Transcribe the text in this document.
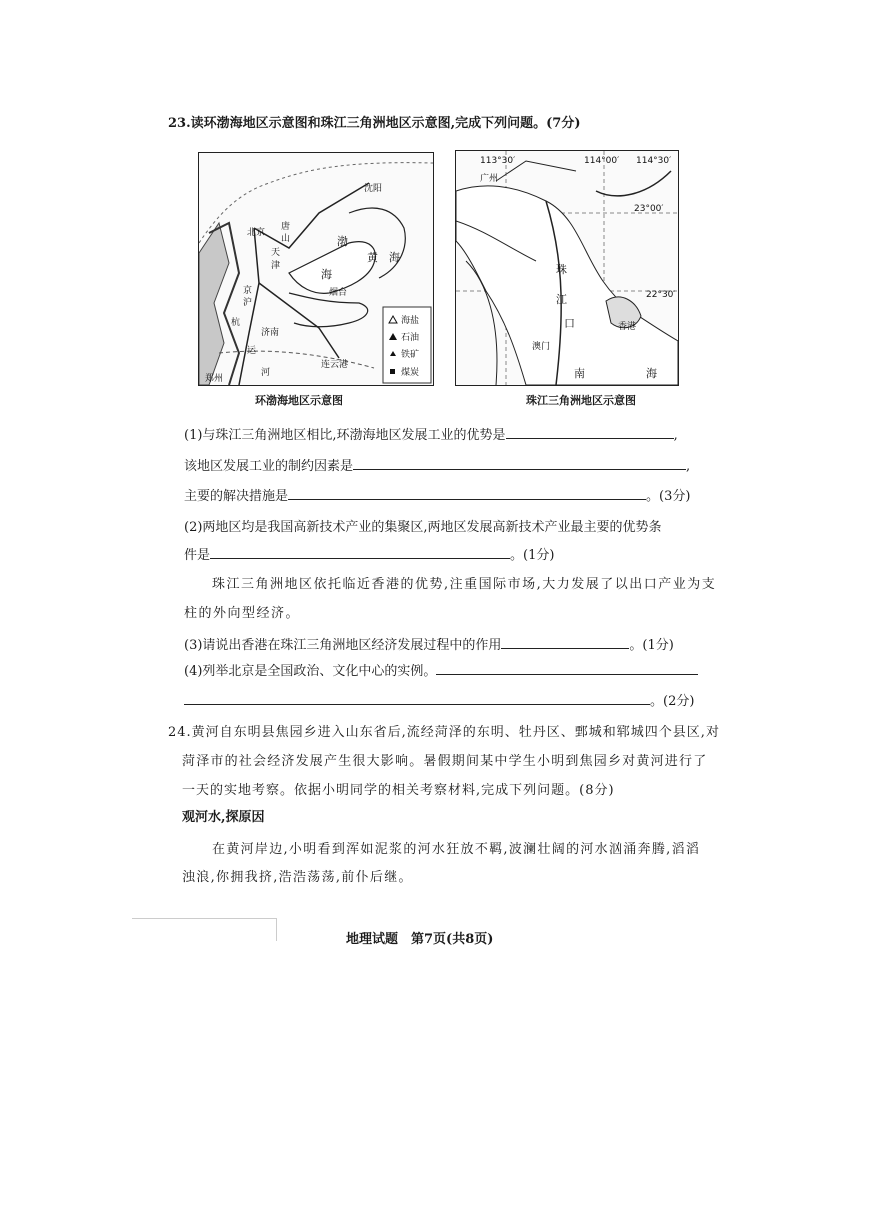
23.读环渤海地区示意图和珠江三角洲地区示意图,完成下列问题。(7分)
沈阳
北京
唐
山
天
津
渤
海
黄 海
烟台
京
沪
杭
济南
运
河
连云港
郑州
海盐
石油
铁矿
煤炭
环渤海地区示意图
113°30′	114°00′ 114°30′
23°00′
22°30′
广州
珠
江
口
澳门
香港
南	海
珠江三角洲地区示意图
(1)与珠江三角洲地区相比,环渤海地区发展工业的优势是	,
该地区发展工业的制约因素是	,
主要的解决措施是	。(3分)
(2)两地区均是我国高新技术产业的集聚区,两地区发展高新技术产业最主要的优势条
件是	。(1分)
珠江三角洲地区依托临近香港的优势,注重国际市场,大力发展了以出口产业为支
柱的外向型经济。
(3)请说出香港在珠江三角洲地区经济发展过程中的作用	。(1分)
(4)列举北京是全国政治、文化中心的实例。
。(2分)
24.黄河自东明县焦园乡进入山东省后,流经菏泽的东明、牡丹区、鄄城和郓城四个县区,对
菏泽市的社会经济发展产生很大影响。暑假期间某中学生小明到焦园乡对黄河进行了
一天的实地考察。依据小明同学的相关考察材料,完成下列问题。(8分)
观河水,探原因
在黄河岸边,小明看到浑如泥浆的河水狂放不羁,波澜壮阔的河水汹涌奔腾,滔滔
浊浪,你拥我挤,浩浩荡荡,前仆后继。
地理试题　第7页(共8页)
